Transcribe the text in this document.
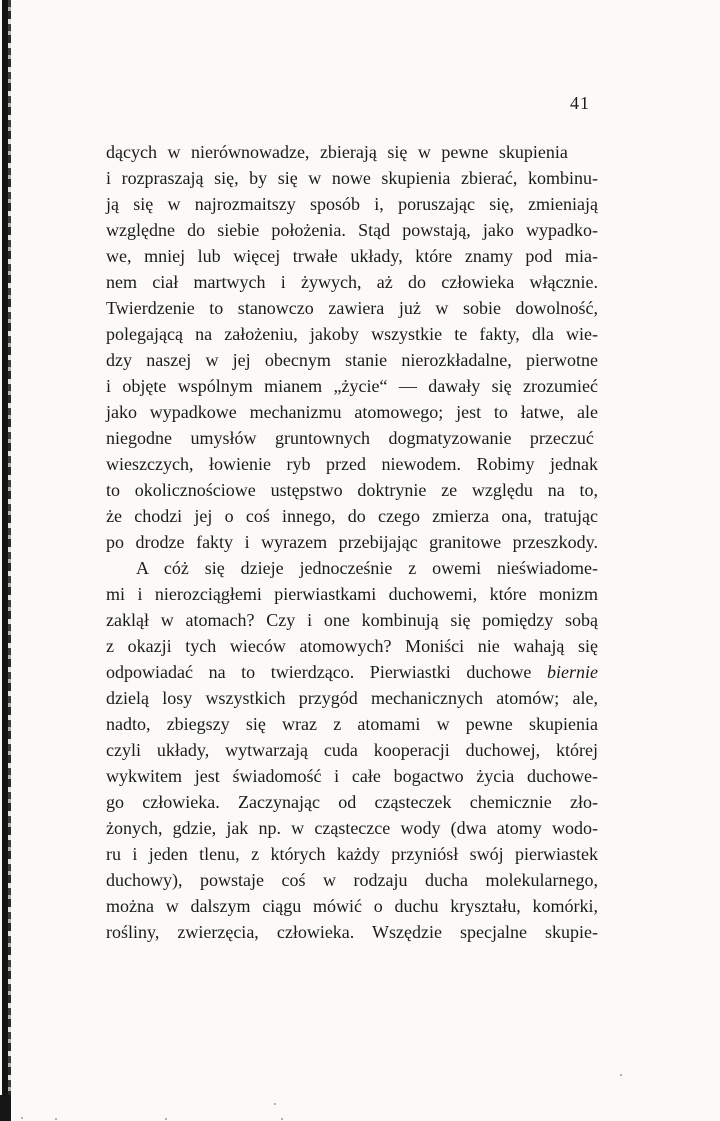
41
dących w nierównowadze, zbierają się w pewne skupienia
i rozpraszają się, by się w nowe skupienia zbierać, kombinu-
ją się w najrozmaitszy sposób i, poruszając się, zmieniają
względne do siebie położenia. Stąd powstają, jako wypadko-
we, mniej lub więcej trwałe układy, które znamy pod mia-
nem ciał martwych i żywych, aż do człowieka włącznie.
Twierdzenie to stanowczo zawiera już w sobie dowolność,
polegającą na założeniu, jakoby wszystkie te fakty, dla wie-
dzy naszej w jej obecnym stanie nierozkładalne, pierwotne
i objęte wspólnym mianem „życie“ — dawały się zrozumieć
jako wypadkowe mechanizmu atomowego; jest to łatwe, ale
niegodne umysłów gruntownych dogmatyzowanie przeczuć
wieszczych, łowienie ryb przed niewodem. Robimy jednak
to okolicznościowe ustępstwo doktrynie ze względu na to,
że chodzi jej o coś innego, do czego zmierza ona, tratując
po drodze fakty i wyrazem przebijając granitowe przeszkody.
A cóż się dzieje jednocześnie z owemi nieświadome-
mi i nierozciągłemi pierwiastkami duchowemi, które monizm
zaklął w atomach? Czy i one kombinują się pomiędzy sobą
z okazji tych wieców atomowych? Moniści nie wahają się
odpowiadać na to twierdząco. Pierwiastki duchowe biernie
dzielą losy wszystkich przygód mechanicznych atomów; ale,
nadto, zbiegszy się wraz z atomami w pewne skupienia
czyli układy, wytwarzają cuda kooperacji duchowej, której
wykwitem jest świadomość i całe bogactwo życia duchowe-
go człowieka. Zaczynając od cząsteczek chemicznie zło-
żonych, gdzie, jak np. w cząsteczce wody (dwa atomy wodo-
ru i jeden tlenu, z których każdy przyniósł swój pierwiastek
duchowy), powstaje coś w rodzaju ducha molekularnego,
można w dalszym ciągu mówić o duchu kryształu, komórki,
rośliny, zwierzęcia, człowieka. Wszędzie specjalne skupie-
